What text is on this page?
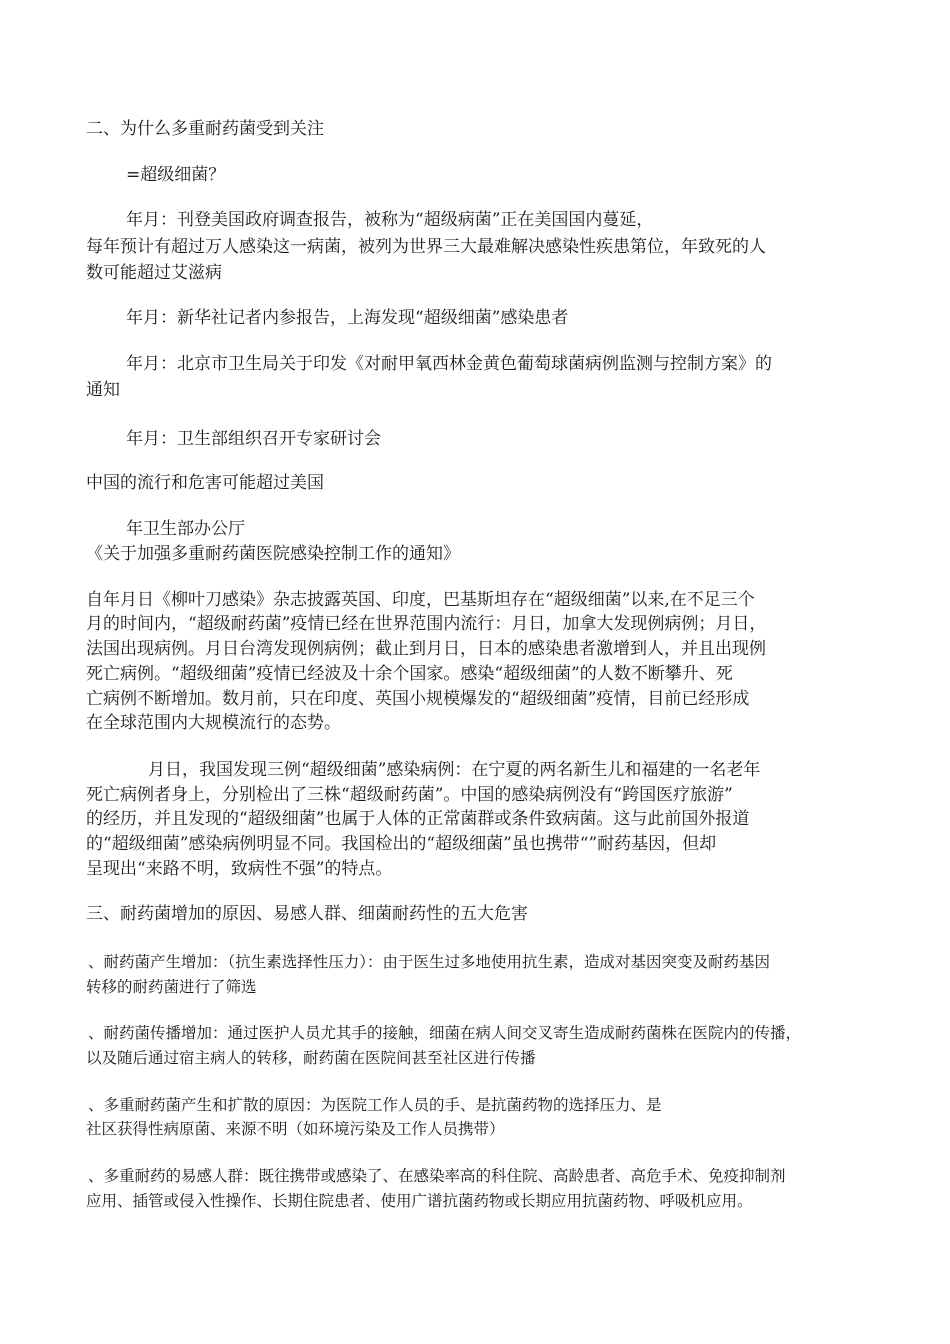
二、为什么多重耐药菌受到关注

=超级细菌？

年月：刊登美国政府调查报告，被称为“超级病菌”正在美国国内蔓延，

每年预计有超过万人感染这一病菌，被列为世界三大最难解决感染性疾患第位，年致死的人

数可能超过艾滋病

年月：新华社记者内参报告，上海发现“超级细菌”感染患者

年月：北京市卫生局关于印发《对耐甲氧西林金黄色葡萄球菌病例监测与控制方案》的

通知

年月：卫生部组织召开专家研讨会

中国的流行和危害可能超过美国

年卫生部办公厅

《关于加强多重耐药菌医院感染控制工作的通知》

自年月日《柳叶刀感染》杂志披露英国、印度，巴基斯坦存在“超级细菌”以来,在不足三个

月的时间内，“超级耐药菌”疫情已经在世界范围内流行：月日，加拿大发现例病例；月日，

法国出现病例。月日台湾发现例病例；截止到月日，日本的感染患者激增到人，并且出现例

死亡病例。“超级细菌”疫情已经波及十余个国家。感染“超级细菌”的人数不断攀升、死

亡病例不断增加。数月前，只在印度、英国小规模爆发的“超级细菌”疫情，目前已经形成

在全球范围内大规模流行的态势。

月日，我国发现三例“超级细菌”感染病例：在宁夏的两名新生儿和福建的一名老年

死亡病例者身上，分别检出了三株“超级耐药菌”。中国的感染病例没有“跨国医疗旅游”

的经历，并且发现的“超级细菌”也属于人体的正常菌群或条件致病菌。这与此前国外报道

的“超级细菌”感染病例明显不同。我国检出的“超级细菌”虽也携带“”耐药基因，但却

呈现出“来路不明，致病性不强”的特点。

三、耐药菌增加的原因、易感人群、细菌耐药性的五大危害

、耐药菌产生增加：（抗生素选择性压力）：由于医生过多地使用抗生素，造成对基因突变及耐药基因

转移的耐药菌进行了筛选

、耐药菌传播增加：通过医护人员尤其手的接触，细菌在病人间交叉寄生造成耐药菌株在医院内的传播，

以及随后通过宿主病人的转移，耐药菌在医院间甚至社区进行传播

、多重耐药菌产生和扩散的原因：为医院工作人员的手、是抗菌药物的选择压力、是

社区获得性病原菌、来源不明（如环境污染及工作人员携带）

、多重耐药的易感人群：既往携带或感染了、在感染率高的科住院、高龄患者、高危手术、免疫抑制剂

应用、插管或侵入性操作、长期住院患者、使用广谱抗菌药物或长期应用抗菌药物、呼吸机应用。
